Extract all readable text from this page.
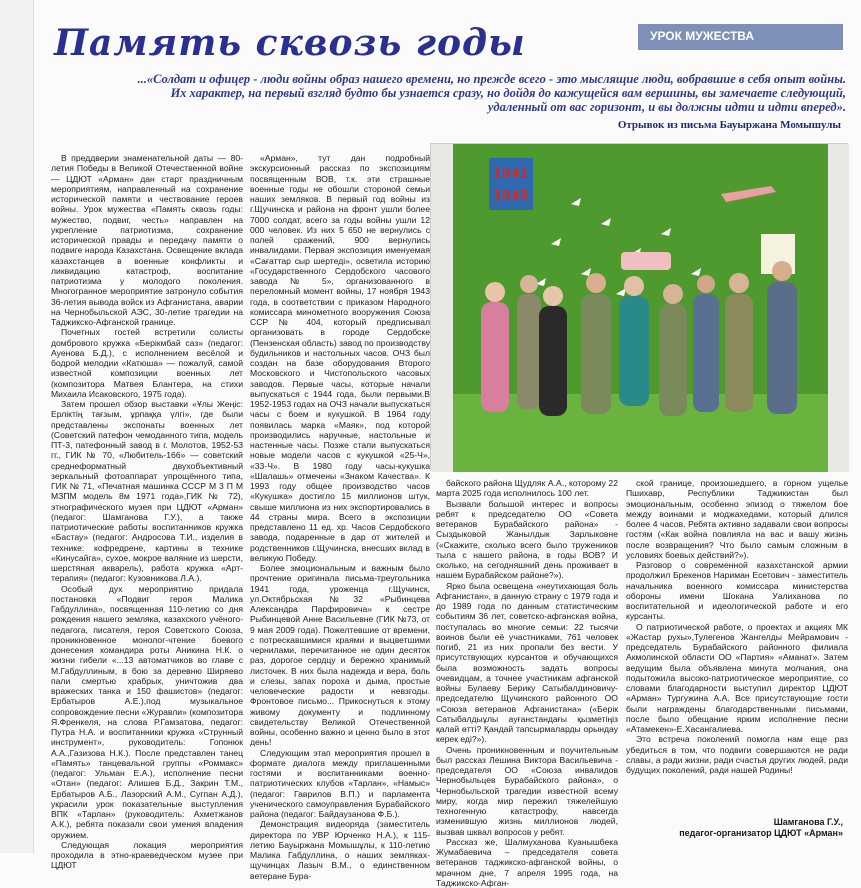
Память сквозь годы	УРОК МУЖЕСТВА
...«Солдат и офицер - люди войны образ нашего времени, но прежде всего - это мыслящие люди, вобравшие в себя опыт войны.
Их характер, на первый взгляд будто бы узнается сразу, но дойдя до кажущейся вам вершины, вы замечаете следующий,
удаленный от вас горизонт, и вы должны идти и идти вперед».
Отрывок из письма Бауыржана Момышулы

В преддверии знаменательной даты — 80-летия Победы в Великой Отечественной войне — ЦДЮТ «Арман» дан старт праздничным мероприятиям, направленный на сохранение исторической памяти и чествование героев войны. Урок мужества «Память сквозь годы: мужество, подвиг, честь» направлен на укрепление патриотизма, сохранение исторической правды и передачу памяти о подвиге народа Казахстана. Освещение вклада казахстанцев в военные конфликты и ликвидацию катастроф, воспитание патриотизма у молодого поколения. Многогранное мероприятие затронуло события 36-летия вывода войск из Афганистана, аварии на Чернобыльской АЭС, 30-летие трагедии на Таджикско-Афганской границе.

Почетных гостей встретили солисты домбрового кружка «Берікмбай саз» (педагог: Ауенова Б.Д.), с исполнением весёлой и бодрой мелодии «Катюша» — пожалуй, самой известной композиции военных лет (композитора Матвея Блантера, на стихи Михаила Исаковского, 1975 года).

Затем прошел обзор выставки «Ұлы Жеңіс: Ерліктің тағзым, ұрпаққа үлгі», где были представлены экспонаты военных лет (Советский патефон чемоданного типа, модель ПТ-3, патефонный завод в г. Молотов, 1952-53 гг., ГИК № 70, «Любитель-166» — советский среднеформатный двухобъективный зеркальный фотоаппарат упрощённого типа, ГИК № 71, «Печатная машинка СССР М 3 П М МЗПМ модель 8м 1971 года»,ГИК № 72), этнографического музея при ЦДЮТ «Арман» (педагог: Шамганова Г.У.), а также патриотические работы воспитанников кружка «Бастау» (педагог: Андросова Т.И., изделия в технике: кофредрене, картины в технике «Кинусайга», сухое, мокрое валяние из шерсти, шерстяная акварель), работа кружка «Арт-терапия» (педагог: Кузовникова Л.А.).

Особый дух мероприятию придала постановка «Подвиг героя Малика Габдуллина», посвященная 110-летию со дня рождения нашего земляка, казахского учёного-педагога, писателя, героя Советского Союза, проникновенное монолог-чтение боевого донесения командира роты Аникина Н.К. о жизни гибели «...13 автоматчиков во главе с М.Габдуллиным, в бою за деревню Ширяево пали смертью храбрых, уничтожив два вражеских танка и 150 фашистов» (педагог: Ербатыров А.Е.),под музыкальное сопровождение песни «Журавли» (композитора Я.Френкеля, на слова Р.Гамзатова, педагог: Путра Н.А. и воспитанники кружка «Струнный инструмент», руководитель: Гопонюк А.А.,Газизова Н.К.). После представлен танец «Память» танцевальной группы «Роммакс» (педагог: Ульман Е.А.), исполнение песни «Отан» (педагог: Алишев Б.Д., Закрин Т.М., Ербатыров А.Б., Лазорский А.М., Сугпан А.Д.), украсили урок показательные выступления ВПК «Тарлан» (руководитель: Ахметжанов А.К.), ребята показали свои умения владения оружием.

Следующая локация мероприятия проходила в этно-краеведческом музее при ЦДЮТ

«Арман», тут дан подробный экскурсионный рассказ по экспозициям посвященным ВОВ, т.к. эти страшные военные годы не обошли стороной семьи наших земляков. В первый год войны из г.Щучинска и района на фронт ушли более 7000 солдат, всего за годы войны ушли 12 000 человек. Из них 5 650 не вернулись с полей сражений, 900 вернулись инвалидами. Первая экспозиция именуемая «Сағаттар сыр шертеді», осветила историю «Государственного Сердобского часового завода № 5», организованного в переломный момент войны, 17 ноября 1943 года, в соответствии с приказом Народного комиссара минометного вооружения Союза ССР № 404, который предписывал организовать в городе Сердобске (Пензенская область) завод по производству будильников и настольных часов. ОЧЗ был создан на базе оборудования Второго Московского и Чистопольского часовых заводов. Первые часы, которые начали выпускаться с 1944 года, были первыми.В 1952-1953 годах на ОЧЗ начали выпускаться часы с боем и кукушкой. В 1964 году появилась марка «Маяк», под которой производились наручные, настольные и настенные часы. Позже стали выпускаться новые модели часов с кукушкой «25-Ч», «33-Ч». В 1980 году часы-кукушка «Шалашь» отмечены «Знаком Качества». К 1993 году общее производство часов «Кукушка» достигло 15 миллионов штук, свыше миллиона из них экспортировались в 44 страны мира. Всего в экспозиции представлено 11 ед. хр. Часов Сердобского завода, подаренные в дар от жителей и родственников г.Щучинска, внесших вклад в великую Победу.

Более эмоциональным и важным было прочтение оригинала письма-треугольника 1941 года, уроженца г.Щучинск, ул.Октябрьская №32 «Рыбинцева Александра Парфировича» к сестре Рыбинцевой Анне Васильевне (ГИК №73, от 9 мая 2009 года). Пожелтевшие от времени, с потрескавшимися краями и выцветшими чернилами, перечитанное не один десяток раз, дорогое сердцу и бережно хранимый листочек. В них была надежда и вера, боль и слезы, запах пороха и дыма, простые человеческие радости и невзгоды. Фронтовое письмо... Прикоснуться к этому живому документу и подлинному свидетельству Великой Отечественной войны, особенно важно и ценно было в этот день!

Следующим этап мероприятия прошел в формате диалога между приглашенными гостями и воспитанниками военно-патриотических клубов «Тарлан», «Намыс» (педагог: Гаврилов В.П.) и парламента ученического самоуправления Бурабайского района (педагог: Байдаузанова Ф.Б.).

Демонстрация видеоряда (заместитель директора по УВР Юрченко Н.А.), к 115-летию Бауыржана Момышұлы, к 110-летию Малика Габдуллина, о наших земляках-щучинцах Лазыч В.М., о единственном ветеране Бура-

1941
1945

байского района Щудляк А.А., которому 22 марта 2025 года исполнилось 100 лет.

Вызвали большой интерес и вопросы ребят к председателю ОО «Совета ветеранов Бурабайского района» - Сыздыковой Жанылдык Зарлыковне («Скажите, сколько всего было тружеников тыла с нашего района, в годы ВОВ? И сколько, на сегодняшний день проживает в нашем Бурабайском районе?»).

Ярко была освещена «неутихающая боль Афганистан», в данную страну с 1979 года и до 1989 года по данным статистическим событиям 36 лет, советско-афганская война, поступалась во многие семьи: 22 тысячи воинов были её участниками, 761 человек погиб, 21 из них пропали без вести. У присутствующих курсантов и обучающихся была возможность задать вопросы очевидцам, а точнее участникам афганской войны Булаеву Берику Сатыбалдиновичу-председателю Щучинского районного ОО «Союза ветеранов Афганистана» («Берік Сатыбалдыұлы ауғанстандағы қызметіңіз қалай өтті? Қандай тапсырмаларды орындау керек еді?»).

Очень проникновенным и поучительным был рассказ Лешина Виктора Васильевича - председателя ОО «Союза инвалидов Чернобыльцев Бурабайского района», о Чернобыльской трагедии известной всему миру, когда мир пережил тяжелейшую техногенную катастрофу, навсегда изменившую жизнь миллионов людей, вызвав шквал вопросов у ребят.

Рассказ же, Шалмуханова Куанышбека Жумабаевича – председателя совета ветеранов таджикско-афганской войны, о мрачном дне, 7 апреля 1995 года, на Таджикско-Афган-

ской границе, произошедшего, в горном ущелье Пшихавр, Республики Таджикистан был эмоциональным, особенно эпизод о тяжелом бое между воинами и моджахедами, который длился более 4 часов. Ребята активно задавали свои вопросы гостям («Как война повлияла на вас и вашу жизнь после возвращения? Что было самым сложным в условиях боевых действий?»).

Разговор о современной казахстанской армии продолжил Брекенов Нариман Есетович - заместитель начальника военного комиссара министерства обороны имени Шокана Уалиханова по воспитательной и идеологической работе и его курсанты.

О патриотической работе, о проектах и акциях МК «Жастар рухы»,Тулегенов Жангелды Мейрамович - председатель Бурабайского районного филиала Акмолинской области ОО «Партия» «Аманат». Затем ведущим была объявлена минута молчания, она подытожила высоко-патриотическое мероприятие, со словами благодарности выступил директор ЦДЮТ «Арман» Тургужина А.А. Все присутствующие гости были награждены благодарственными письмами, после было обещание ярким исполнение песни «Атамекен»-Е.Хасангалиева.

Это встреча поколений помогла нам еще раз убедиться в том, что подвиги совершаются не ради славы, а ради жизни, ради счастья других людей, ради будущих поколений, ради нашей Родины!

Шамганова Г.У.,
педагог-организатор ЦДЮТ «Арман»
